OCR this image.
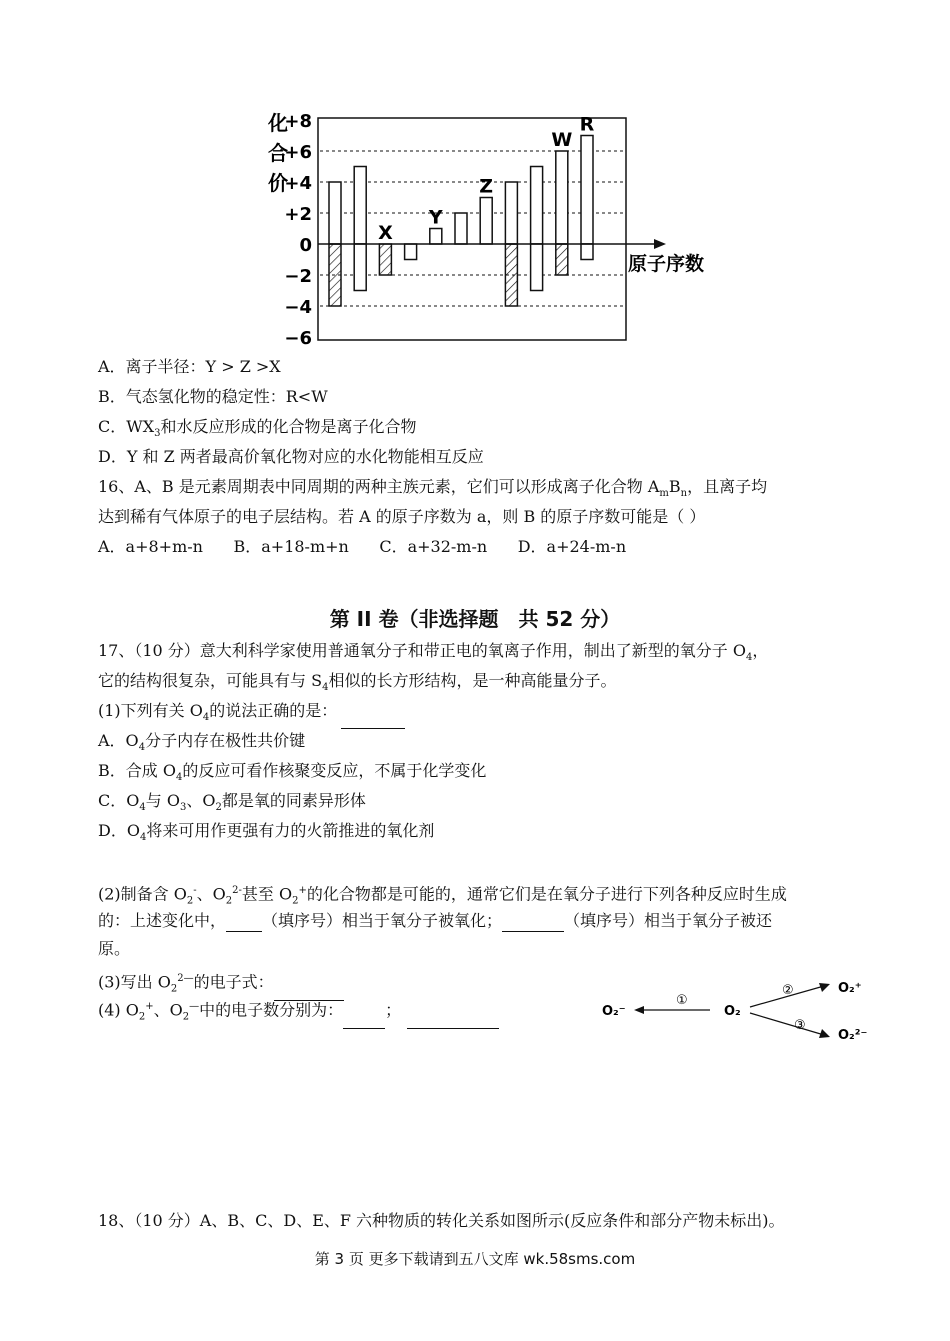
+8
+6
+4
+2
0
−2
−4
−6
X
Y
Z
W
R
化
合
价
原子序数
A．离子半径：Y > Z >X
B．气态氢化物的稳定性：R<W
C．$WX_3$和水反应形成的化合物是离子化合物
D．Y 和 Z 两者最高价氧化物对应的水化物能相互反应
16、A、B 是元素周期表中同周期的两种主族元素，它们可以形成离子化合物 $A_mB_n$，且离子均
达到稀有气体原子的电子层结构。若 A 的原子序数为 a，则 B 的原子序数可能是（ ）
A．a+8+m-n      B．a+18-m+n      C．a+32-m-n      D．a+24-m-n
第 II 卷（非选择题　共 52 分）
17、（10 分）意大利科学家使用普通氧分子和带正电的氧离子作用，制出了新型的氧分子 $O_4$，
它的结构很复杂，可能具有与 $S_4$相似的长方形结构，是一种高能量分子。
(1)下列有关 $O_4$的说法正确的是：
A．$O_4$分子内存在极性共价键
B．合成 $O_4$的反应可看作核聚变反应，不属于化学变化
C．$O_4$与 $O_3$、$O_2$都是氧的同素异形体
D．$O_4$将来可用作更强有力的火箭推进的氧化剂
(2)制备含 $O_2^-$、$O_2^{2-}$甚至 $O_2^+$的化合物都是可能的，通常它们是在氧分子进行下列各种反应时生成
的：上述变化中， （填序号）相当于氧分子被氧化；	（填序号）相当于氧分子被还
原。
(3)写出 $O_2^{2—}$的电子式：
(4) $O_2^+$、$O_2^—$中的电子数分别为：	；	O₂⁻
①
O₂
②	O₂⁺
③
O₂²⁻
18、（10 分）A、B、C、D、E、F 六种物质的转化关系如图所示(反应条件和部分产物未标出)。
第 3 页 更多下载请到五八文库 wk.58sms.com
